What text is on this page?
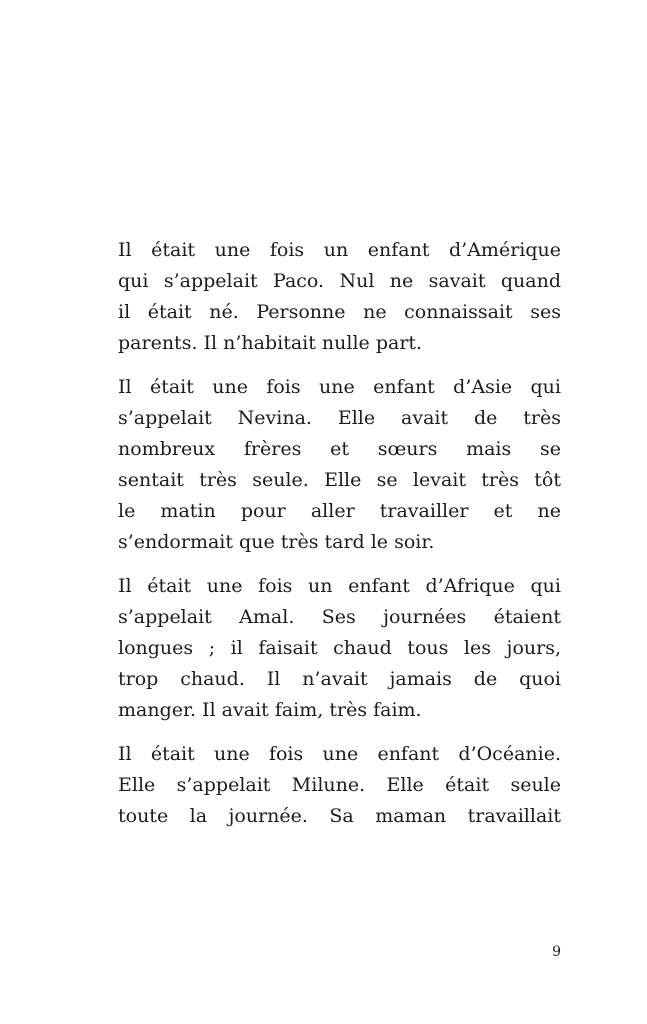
Il était une fois un enfant d’Amérique
qui s’appelait Paco. Nul ne savait quand
il était né. Personne ne connaissait ses
parents. Il n’habitait nulle part.
Il était une fois une enfant d’Asie qui
s’appelait Nevina. Elle avait de très
nombreux frères et sœurs mais se
sentait très seule. Elle se levait très tôt
le matin pour aller travailler et ne
s’endormait que très tard le soir.
Il était une fois un enfant d’Afrique qui
s’appelait Amal. Ses journées étaient
longues ; il faisait chaud tous les jours,
trop chaud. Il n’avait jamais de quoi
manger. Il avait faim, très faim.
Il était une fois une enfant d’Océanie.
Elle s’appelait Milune. Elle était seule
toute la journée. Sa maman travaillait
9
